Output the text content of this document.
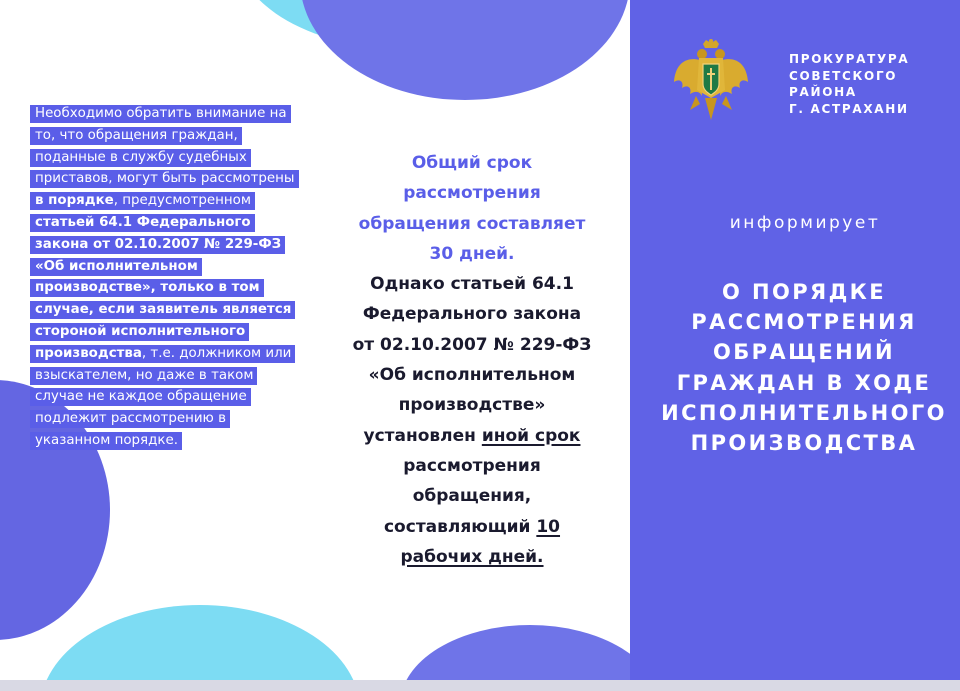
Необходимо обратить внимание на то, что обращения граждан, поданные в службу судебных приставов, могут быть рассмотрены в порядке, предусмотренном статьей 64.1 Федерального закона от 02.10.2007 № 229-ФЗ «Об исполнительном производстве», только в том случае, если заявитель является стороной исполнительного производства, т.е. должником или взыскателем, но даже в таком случае не каждое обращение подлежит рассмотрению в указанном порядке.

Общий срок
рассмотрения
обращения составляет
30 дней.
Однако статьей 64.1
Федерального закона
от 02.10.2007 № 229-ФЗ
«Об исполнительном
производстве»
установлен иной срок
рассмотрения
обращения,
составляющий 10
рабочих дней.
ПРОКУРАТУРА
СОВЕТСКОГО
РАЙОНА
Г. АСТРАХАНИ

информирует

О ПОРЯДКЕ
РАССМОТРЕНИЯ
ОБРАЩЕНИЙ
ГРАЖДАН В ХОДЕ
ИСПОЛНИТЕЛЬНОГО
ПРОИЗВОДСТВА
